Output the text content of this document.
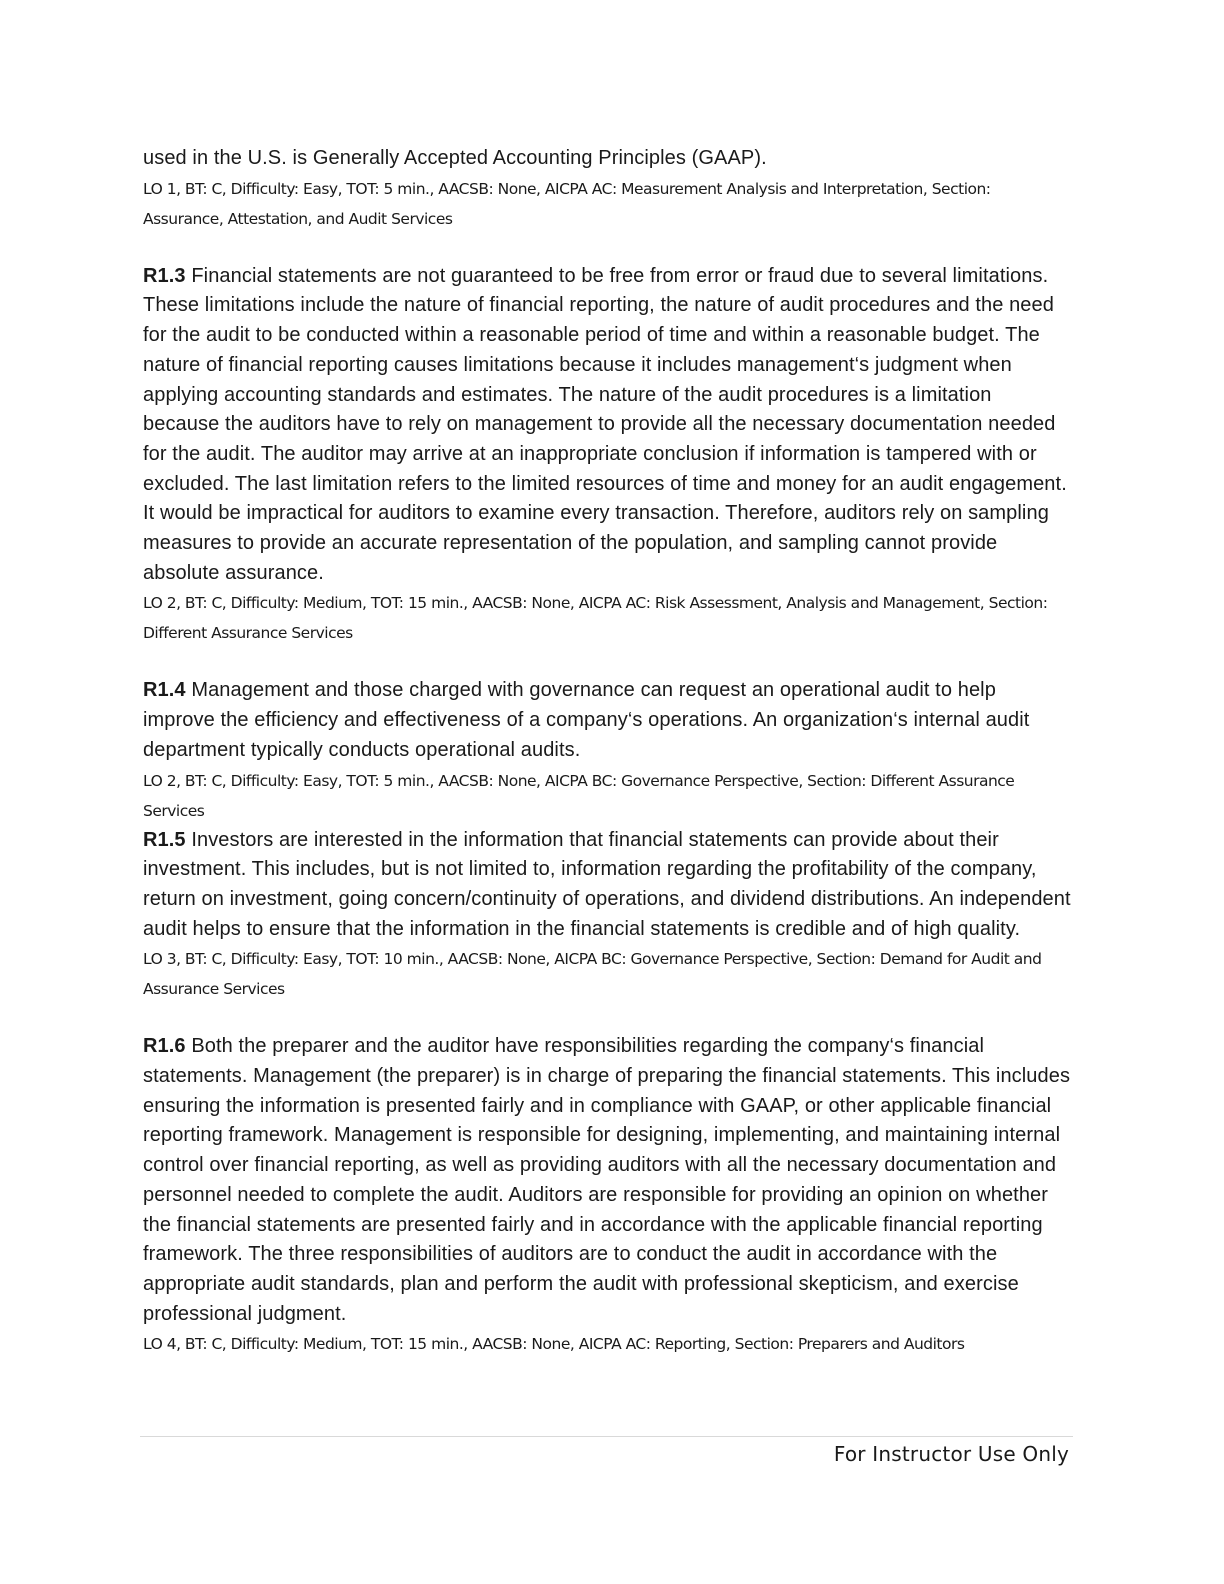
used in the U.S. is Generally Accepted Accounting Principles (GAAP).

LO 1, BT: C, Difficulty: Easy, TOT: 5 min., AACSB: None, AICPA AC: Measurement Analysis and Interpretation, Section: Assurance, Attestation, and Audit Services

R1.3 Financial statements are not guaranteed to be free from error or fraud due to several limitations. These limitations include the nature of financial reporting, the nature of audit procedures and the need for the audit to be conducted within a reasonable period of time and within a reasonable budget. The nature of financial reporting causes limitations because it includes management‘s judgment when applying accounting standards and estimates. The nature of the audit procedures is a limitation because the auditors have to rely on management to provide all the necessary documentation needed for the audit. The auditor may arrive at an inappropriate conclusion if information is tampered with or excluded. The last limitation refers to the limited resources of time and money for an audit engagement. It would be impractical for auditors to examine every transaction. Therefore, auditors rely on sampling measures to provide an accurate representation of the population, and sampling cannot provide absolute assurance.

LO 2, BT: C, Difficulty: Medium, TOT: 15 min., AACSB: None, AICPA AC: Risk Assessment, Analysis and Management, Section: Different Assurance Services

R1.4 Management and those charged with governance can request an operational audit to help improve the efficiency and effectiveness of a company‘s operations. An organization‘s internal audit department typically conducts operational audits.

LO 2, BT: C, Difficulty: Easy, TOT: 5 min., AACSB: None, AICPA BC: Governance Perspective, Section: Different Assurance Services

R1.5 Investors are interested in the information that financial statements can provide about their investment. This includes, but is not limited to, information regarding the profitability of the company, return on investment, going concern/continuity of operations, and dividend distributions. An independent audit helps to ensure that the information in the financial statements is credible and of high quality.

LO 3, BT: C, Difficulty: Easy, TOT: 10 min., AACSB: None, AICPA BC: Governance Perspective, Section: Demand for Audit and Assurance Services

R1.6 Both the preparer and the auditor have responsibilities regarding the company‘s financial statements. Management (the preparer) is in charge of preparing the financial statements. This includes ensuring the information is presented fairly and in compliance with GAAP, or other applicable financial reporting framework. Management is responsible for designing, implementing, and maintaining internal control over financial reporting, as well as providing auditors with all the necessary documentation and personnel needed to complete the audit. Auditors are responsible for providing an opinion on whether the financial statements are presented fairly and in accordance with the applicable financial reporting framework. The three responsibilities of auditors are to conduct the audit in accordance with the appropriate audit standards, plan and perform the audit with professional skepticism, and exercise professional judgment.

LO 4, BT: C, Difficulty: Medium, TOT: 15 min., AACSB: None, AICPA AC: Reporting, Section: Preparers and Auditors

For Instructor Use Only
